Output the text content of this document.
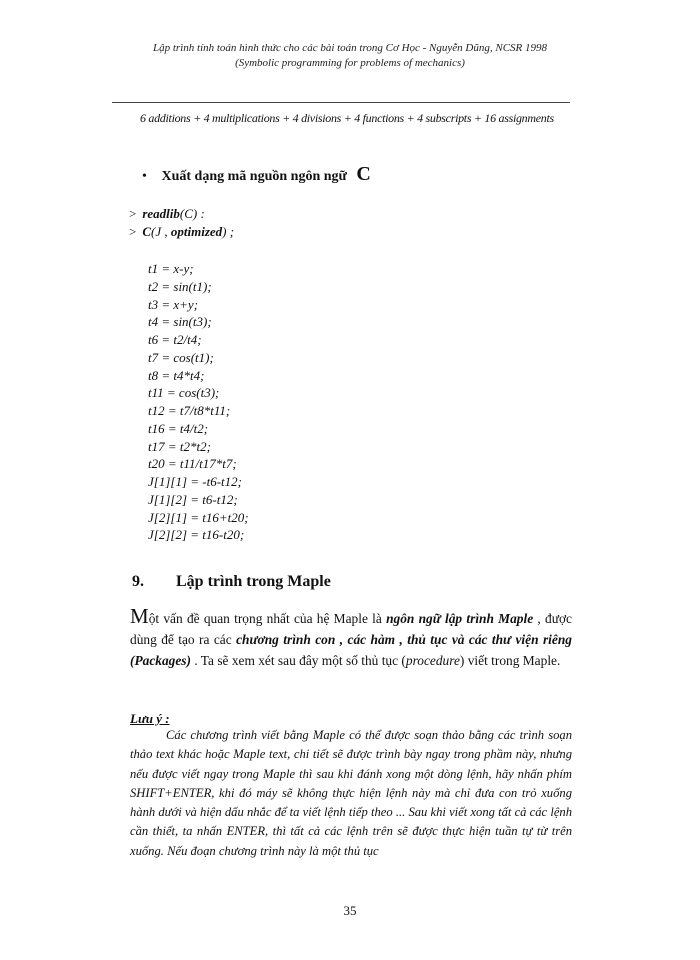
Lập trình tính toán hình thức cho các bài toán trong Cơ Học - Nguyễn Dũng, NCSR 1998
(Symbolic programming for problems of mechanics)
6 additions + 4 multiplications + 4 divisions + 4 functions + 4 subscripts + 16 assignments
• Xuất dạng mã nguồn ngôn ngữ C
> readlib(C) :
> C(J , optimized) ;
t1 = x-y;
t2 = sin(t1);
t3 = x+y;
t4 = sin(t3);
t6 = t2/t4;
t7 = cos(t1);
t8 = t4*t4;
t11 = cos(t3);
t12 = t7/t8*t11;
t16 = t4/t2;
t17 = t2*t2;
t20 = t11/t17*t7;
J[1][1] = -t6-t12;
J[1][2] = t6-t12;
J[2][1] = t16+t20;
J[2][2] = t16-t20;
9. Lập trình trong Maple

Một vấn đề quan trọng nhất của hệ Maple là ngôn ngữ lập trình Maple , được dùng để tạo ra các chương trình con , các hàm , thủ tục và các thư viện riêng (Packages) . Ta sẽ xem xét sau đây một số thủ tục (procedure) viết trong Maple.

Lưu ý :

Các chương trình viết bằng Maple có thể được soạn thảo bằng các trình soạn thảo text khác hoặc Maple text, chi tiết sẽ được trình bày ngay trong phầm này, nhưng nếu được viết ngay trong Maple thì sau khi đánh xong một dòng lệnh, hãy nhấn phím SHIFT+ENTER, khi đó máy sẽ không thực hiện lệnh này mà chỉ đưa con trỏ xuống hành dưới và hiện dấu nhắc để ta viết lệnh tiếp theo ... Sau khi viết xong tất cả các lệnh cần thiết, ta nhấn ENTER, thì tất cả các lệnh trên sẽ được thực hiện tuần tự từ trên xuống. Nếu đoạn chương trình này là một thủ tục

35
